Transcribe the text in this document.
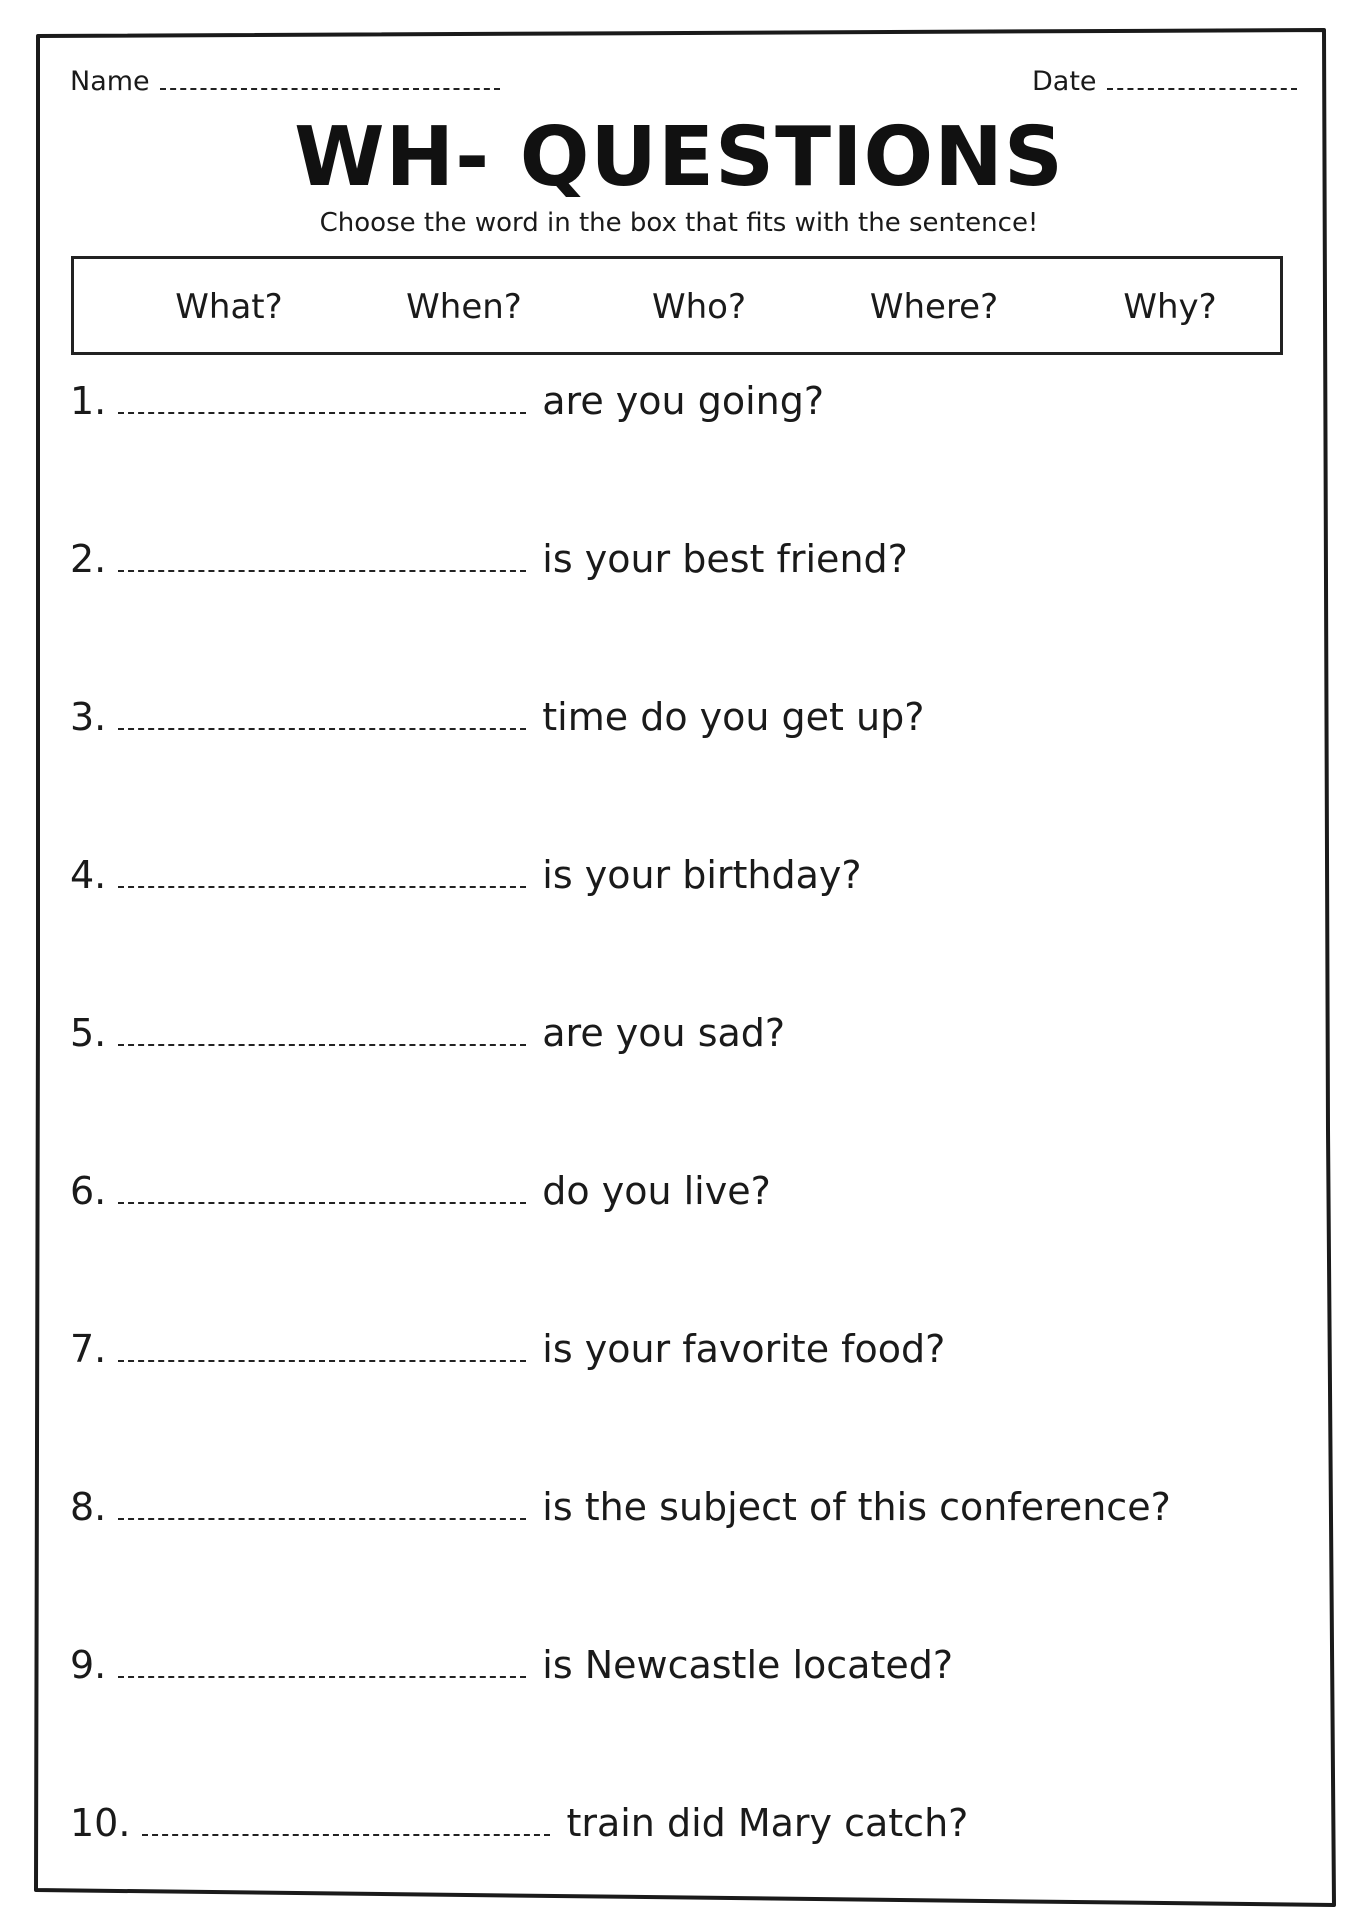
Name	Date
WH- QUESTIONS
Choose the word in the box that fits with the sentence!
What?	When?	Who?	Where?	Why?
1.	are you going?
2.	is your best friend?
3.	time do you get up?
4.	is your birthday?
5.	are you sad?
6.	do you live?
7.	is your favorite food?
8.	is the subject of this conference?
9.	is Newcastle located?
10.	train did Mary catch?
